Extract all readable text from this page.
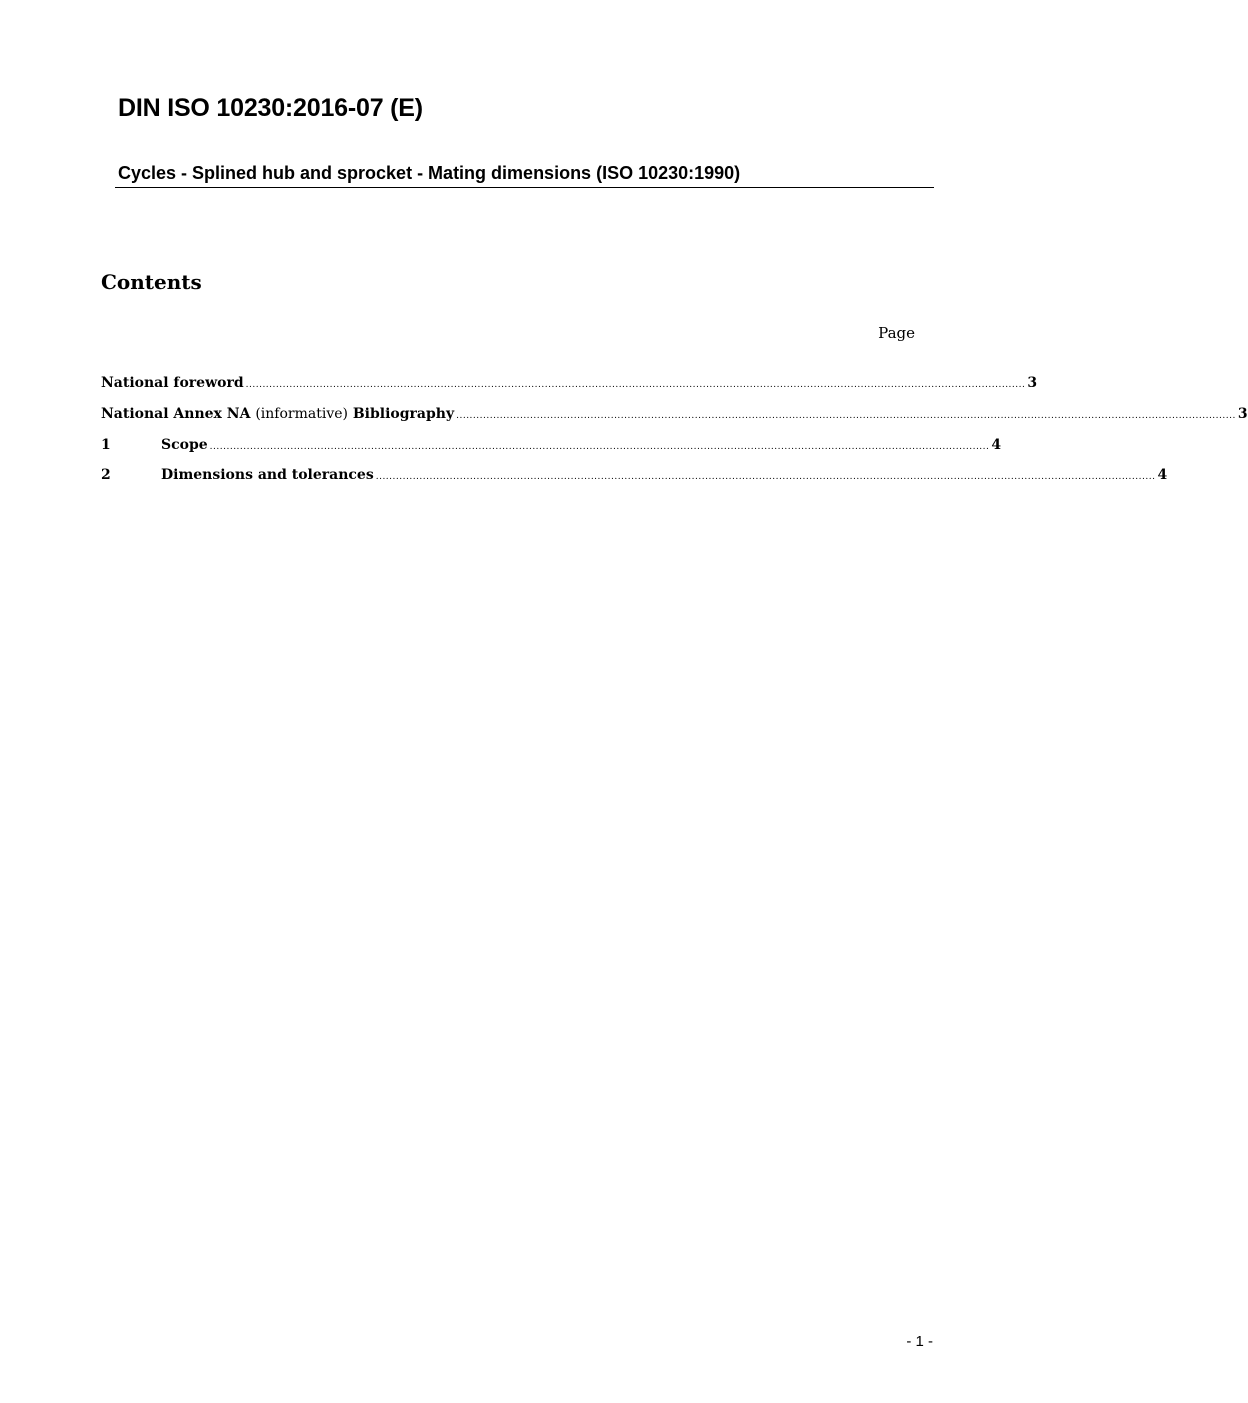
DIN ISO 10230:2016-07 (E)
Cycles - Splined hub and sprocket - Mating dimensions (ISO 10230:1990)
Contents
Page
National foreword ........................................................................................................................................................................................................................................ 3
National Annex NA (informative) Bibliography ........................................................................................................................................................................................................................................ 3
1	Scope ........................................................................................................................................................................................................................................ 4
2	Dimensions and tolerances ........................................................................................................................................................................................................................................ 4
- 1 -
